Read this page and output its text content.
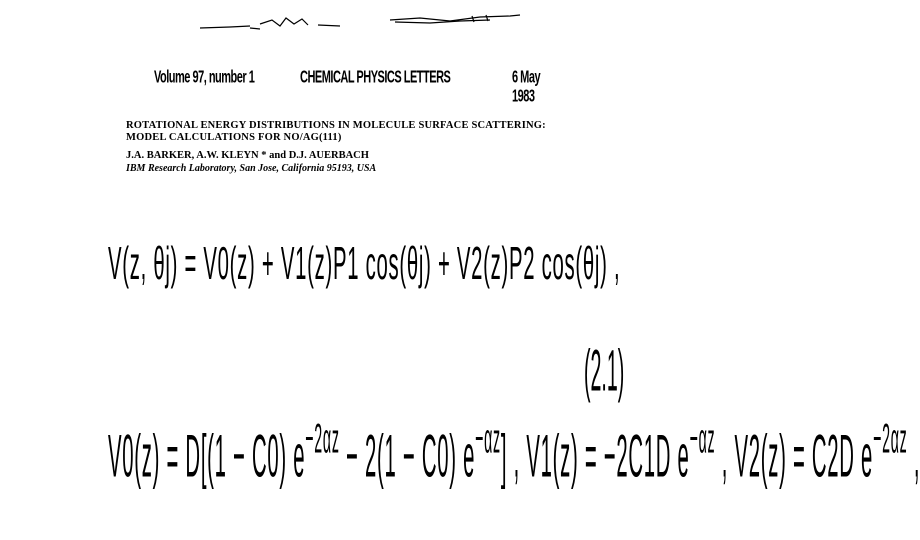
Volume 97, number 1	CHEMICAL PHYSICS LETTERS	6 May 1983
ROTATIONAL ENERGY DISTRIBUTIONS IN MOLECULE SURFACE SCATTERING:
MODEL CALCULATIONS FOR NO/AG(111)
J.A. BARKER, A.W. KLEYN * and D.J. AUERBACH
IBM Research Laboratory, San Jose, California 95193, USA
V(z, θj) = V0(z) + V1(z)P1 cos(θj) + V2(z)P2 cos(θj) ,
V0(z) = D[(1 − C0) $e^{-2\alpha z} - 2(1 - C0)$ $e^{-\alpha z}$] , V1(z) = −2C1D $e^{-\alpha z}$ , V2(z) = C2D $e^{-2\alpha z}$ ,
(2.1)
